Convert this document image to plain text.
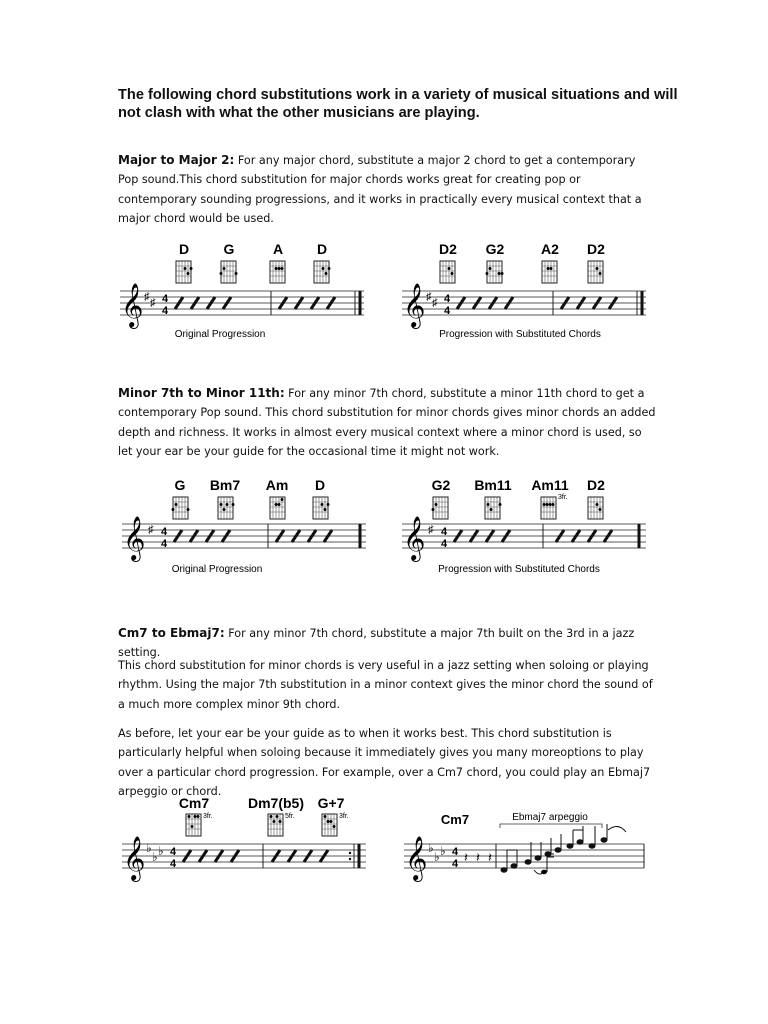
The following chord substitutions work in a variety of musical situations and will not clash with what the other musicians are playing.
Major to Major 2: For any major chord, substitute a major 2 chord to get a contemporary Pop sound.This chord substitution for major chords works great for creating pop or contemporary sounding progressions, and it works in practically every musical context that a major chord would be used.
D G	A D
𝄞 ♯ ♯ 4
4
Original Progression
D2 G2	A2 D2
𝄞 ♯ ♯ 4
4
Progression with Substituted Chords
Minor 7th to Minor 11th: For any minor 7th chord, substitute a minor 11th chord to get a contemporary Pop sound. This chord substitution for minor chords gives minor chords an added depth and richness. It works in almost every musical context where a minor chord is used, so let your ear be your guide for the occasional time it might not work.
G Bm7 Am D
𝄞 ♯ 4
4
Original Progression
G2 Bm11 Am11 D2
3fr.
𝄞 ♯ 4
4
Progression with Substituted Chords
Cm7 to Ebmaj7: For any minor 7th chord, substitute a major 7th built on the 3rd in a jazz setting.
This chord substitution for minor chords is very useful in a jazz setting when soloing or playing rhythm. Using the major 7th substitution in a minor context gives the minor chord the sound of a much more complex minor 9th chord.
As before, let your ear be your guide as to when it works best. This chord substitution is particularly helpful when soloing because it immediately gives you many moreoptions to play over a particular chord progression. For example, over a Cm7 chord, you could play an Ebmaj7 arpeggio or chord.
Cm7	Dm7(b5) G+7
3fr.	5fr.	3fr.
𝄞 ♭
♭ ♭ 4
4
Cm7	Ebmaj7 arpeggio
𝄞 ♭
♭ ♭ 4
4 𝄽 𝄽 𝄽
